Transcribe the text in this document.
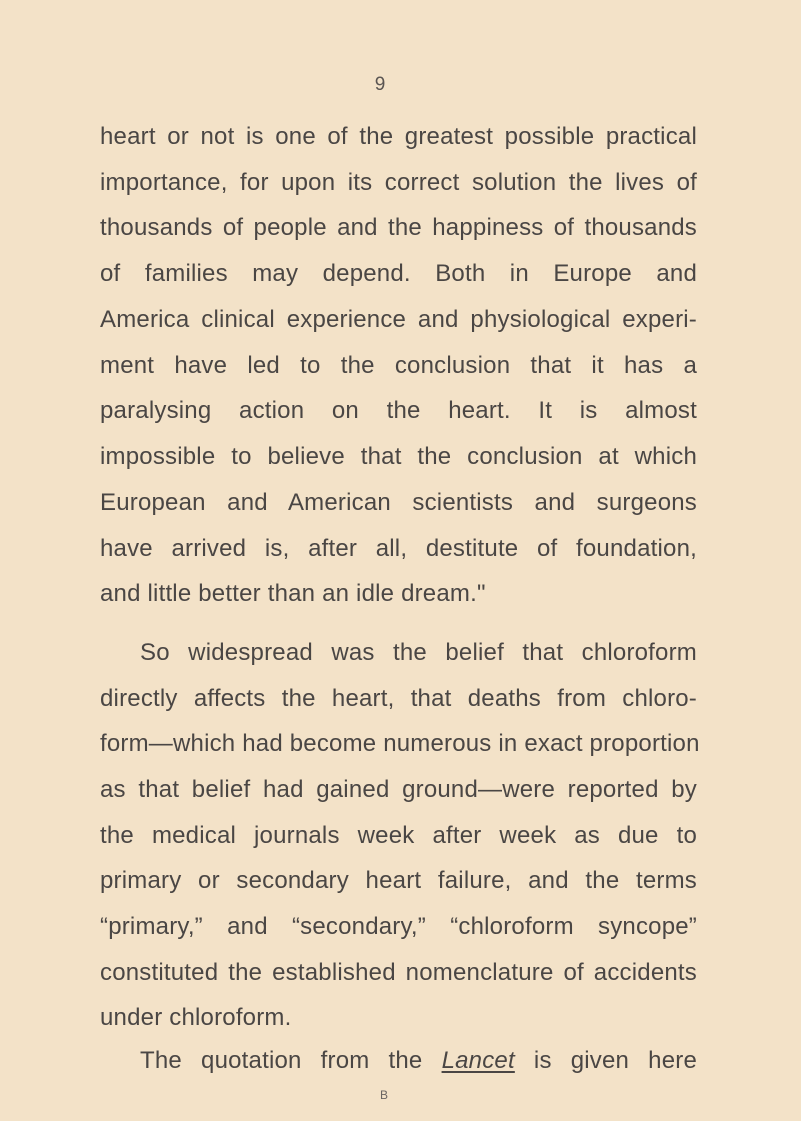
9
heart or not is one of the greatest possible practical
importance, for upon its correct solution the lives of
thousands of people and the happiness of thousands
of families may depend. Both in Europe and
America clinical experience and physiological experi-
ment have led to the conclusion that it has a
paralysing action on the heart. It is almost
impossible to believe that the conclusion at which
European and American scientists and surgeons
have arrived is, after all, destitute of foundation,
and little better than an idle dream."
So widespread was the belief that chloroform
directly affects the heart, that deaths from chloro-
form—which had become numerous in exact proportion
as that belief had gained ground—were reported by
the medical journals week after week as due to
primary or secondary heart failure, and the terms
“primary,” and “secondary,” “chloroform syncope”
constituted the established nomenclature of accidents
under chloroform.
The quotation from the Lancet is given here
B
